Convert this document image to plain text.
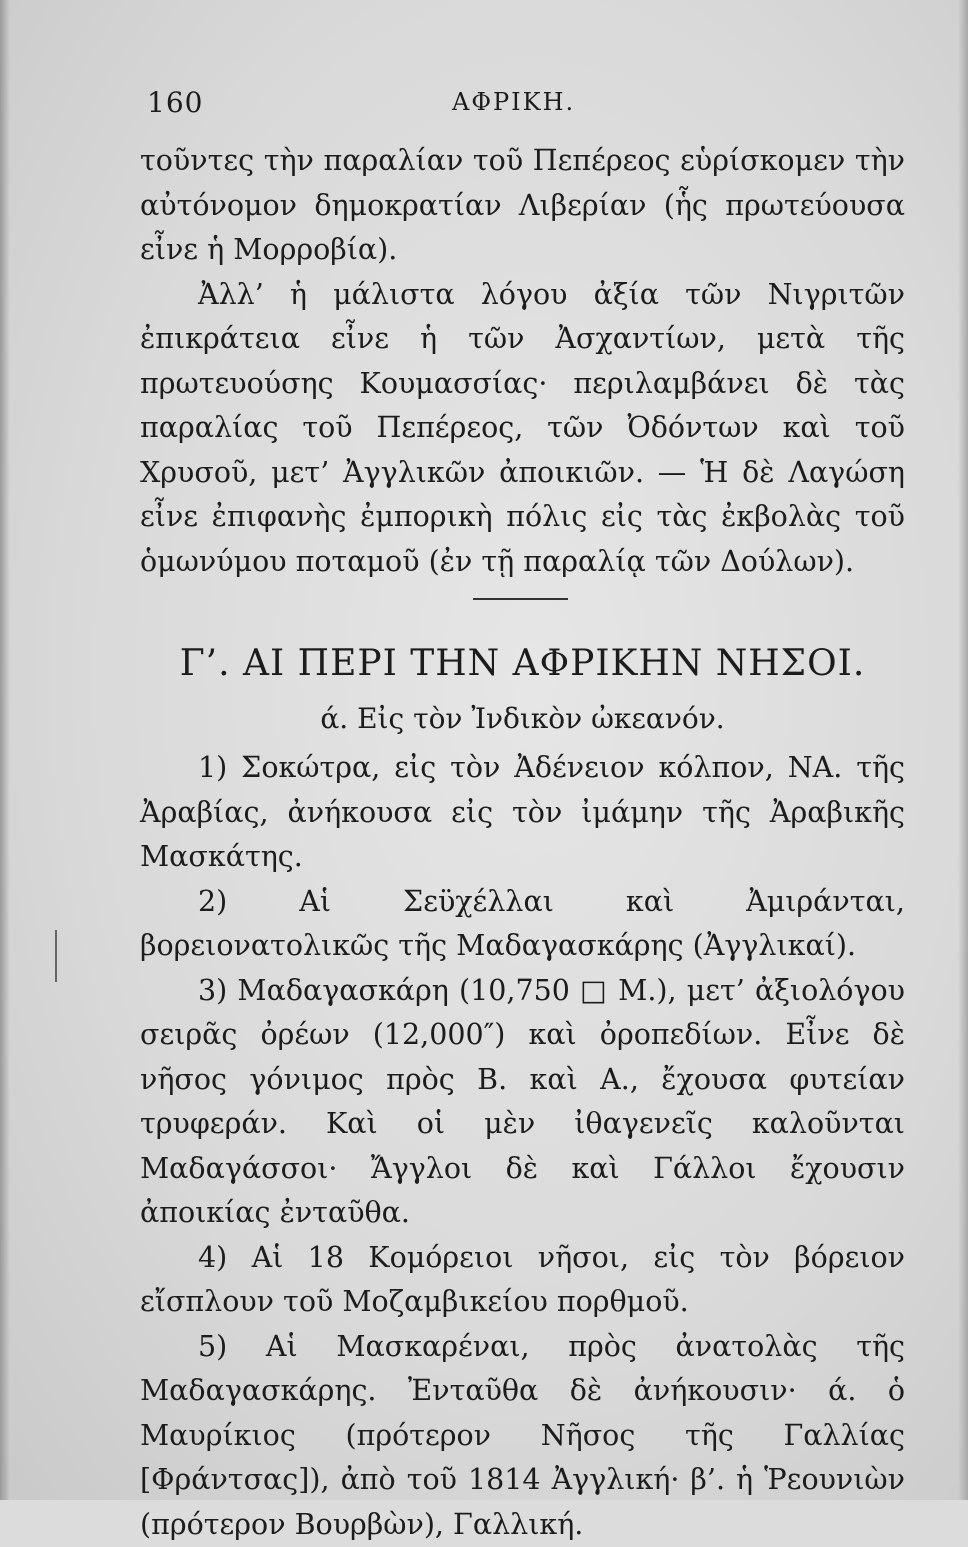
160	ΑΦΡΙΚΗ.

τοῦντες τὴν παραλίαν τοῦ Πεπέρεος εὑρίσκομεν τὴν αὐτόνομον δημοκρατίαν Λιβερίαν (ἧς πρωτεύουσα εἶνε ἡ Μορροβία).

Ἀλλ’ ἡ μάλιστα λόγου ἀξία τῶν Νιγριτῶν ἐπικράτεια εἶνε ἡ τῶν Ἀσχαντίων, μετὰ τῆς πρωτευούσης Κουμασσίας· περιλαμβάνει δὲ τὰς παραλίας τοῦ Πεπέρεος, τῶν Ὀδόντων καὶ τοῦ Χρυσοῦ, μετ’ Ἀγγλικῶν ἀποικιῶν. — Ἡ δὲ Λαγώση εἶνε ἐπιφανὴς ἐμπορικὴ πόλις εἰς τὰς ἐκβολὰς τοῦ ὁμωνύμου ποταμοῦ (ἐν τῇ παραλίᾳ τῶν Δούλων).

Γ’. ΑΙ ΠΕΡΙ ΤΗΝ ΑΦΡΙΚΗΝ ΝΗΣΟΙ.
ά. Εἰς τὸν Ἰνδικὸν ὠκεανόν.

1) Σοκώτρα, εἰς τὸν Ἀδένειον κόλπον, ΝΑ. τῆς Ἀραβίας, ἀνήκουσα εἰς τὸν ἰμάμην τῆς Ἀραβικῆς Μασκάτης.

2) Αἱ Σεϋχέλλαι καὶ Ἀμιράνται, βορειονατολικῶς τῆς Μαδαγασκάρης (Ἀγγλικαί).

3) Μαδαγασκάρη (10,750 □ Μ.), μετ’ ἀξιολόγου σειρᾶς ὀρέων (12,000″) καὶ ὀροπεδίων. Εἶνε δὲ νῆσος γόνιμος πρὸς Β. καὶ Α., ἔχουσα φυτείαν τρυφεράν. Καὶ οἱ μὲν ἰθαγενεῖς καλοῦνται Μαδαγάσσοι· Ἄγγλοι δὲ καὶ Γάλλοι ἔχουσιν ἀποικίας ἐνταῦθα.

4) Αἱ 18 Κομόρειοι νῆσοι, εἰς τὸν βόρειον εἴσπλουν τοῦ Μοζαμβικείου πορθμοῦ.

5) Αἱ Μασκαρέναι, πρὸς ἀνατολὰς τῆς Μαδαγασκάρης. Ἐνταῦθα δὲ ἀνήκουσιν· ά. ὁ Μαυρίκιος (πρότερον Νῆσος τῆς Γαλλίας [Φράντσας]), ἀπὸ τοῦ 1814 Ἀγγλική· β’. ἡ Ῥεουνιὼν (πρότερον Βουρβὼν), Γαλλική.
